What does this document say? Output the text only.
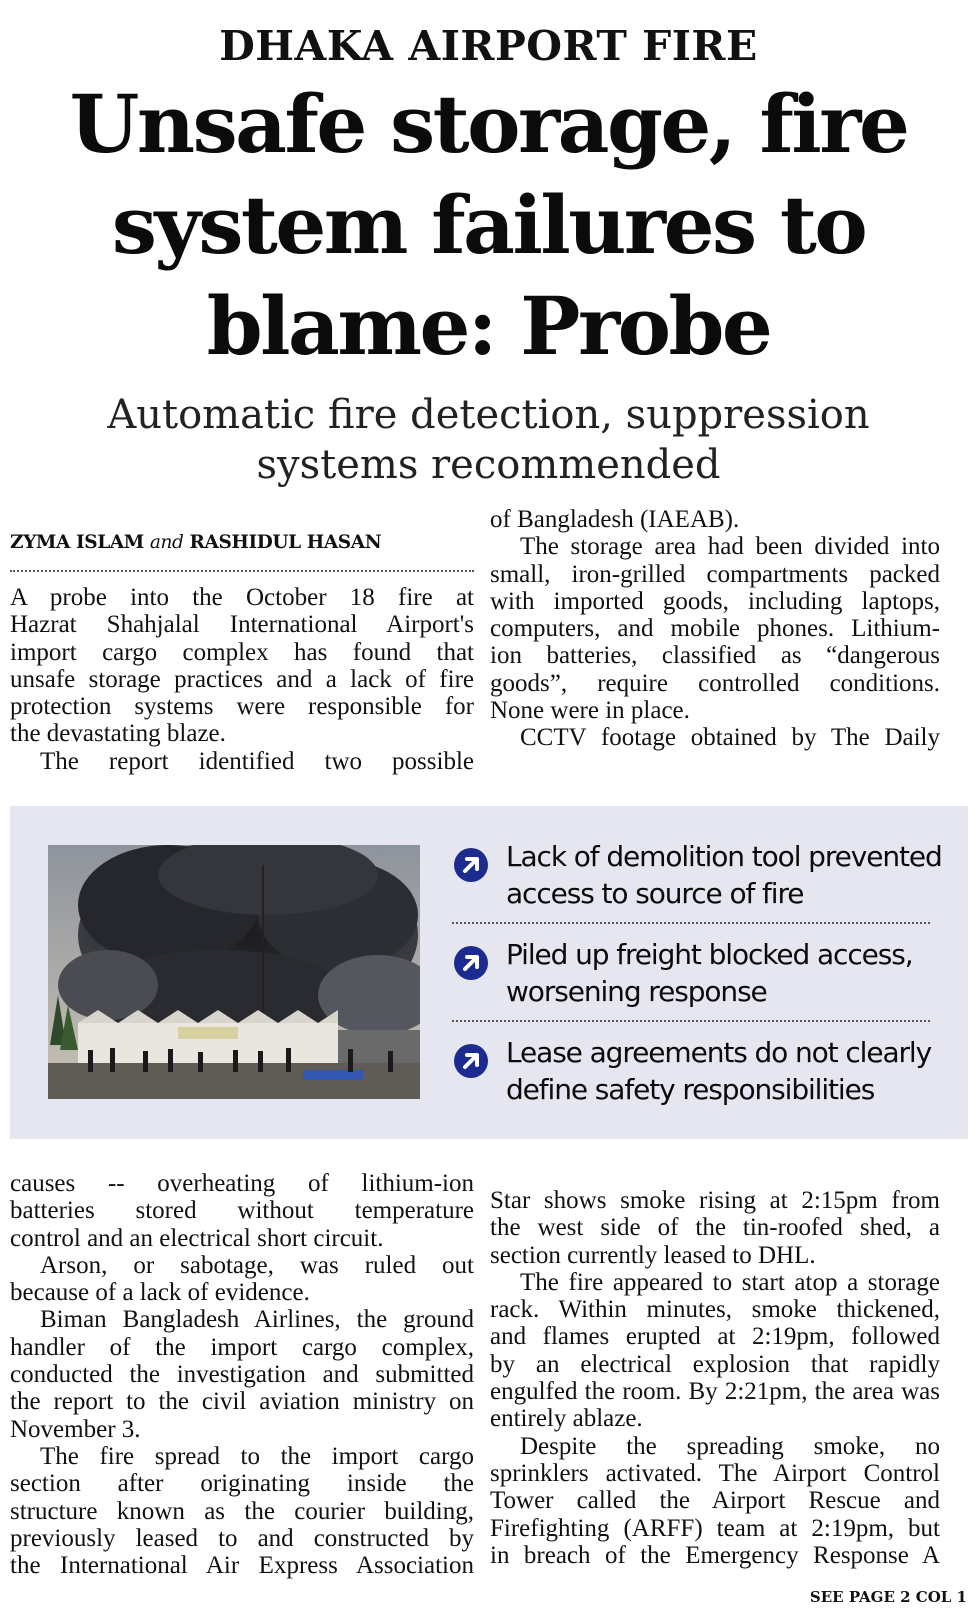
DHAKA AIRPORT FIRE
Unsafe storage, fire
system failures to
blame: Probe
Automatic fire detection, suppression
systems recommended
ZYMA ISLAM and RASHIDUL HASAN
A probe into the October 18 fire at
Hazrat Shahjalal International Airport's
import cargo complex has found that
unsafe storage practices and a lack of fire
protection systems were responsible for
the devastating blaze.
The report identified two possible
of Bangladesh (IAEAB).
The storage area had been divided into
small, iron-grilled compartments packed
with imported goods, including laptops,
computers, and mobile phones. Lithium-
ion batteries, classified as “dangerous
goods”, require controlled conditions.
None were in place.
CCTV footage obtained by The Daily
Lack of demolition tool prevented
access to source of fire
Piled up freight blocked access,
worsening response
Lease agreements do not clearly
define safety responsibilities
causes -- overheating of lithium-ion
batteries stored without temperature
control and an electrical short circuit.
Arson, or sabotage, was ruled out
because of a lack of evidence.
Biman Bangladesh Airlines, the ground
handler of the import cargo complex,
conducted the investigation and submitted
the report to the civil aviation ministry on
November 3.
The fire spread to the import cargo
section after originating inside the
structure known as the courier building,
previously leased to and constructed by
the International Air Express Association
Star shows smoke rising at 2:15pm from
the west side of the tin-roofed shed, a
section currently leased to DHL.
The fire appeared to start atop a storage
rack. Within minutes, smoke thickened,
and flames erupted at 2:19pm, followed
by an electrical explosion that rapidly
engulfed the room. By 2:21pm, the area was
entirely ablaze.
Despite the spreading smoke, no
sprinklers activated. The Airport Control
Tower called the Airport Rescue and
Firefighting (ARFF) team at 2:19pm, but
in breach of the Emergency Response A
SEE PAGE 2 COL 1
